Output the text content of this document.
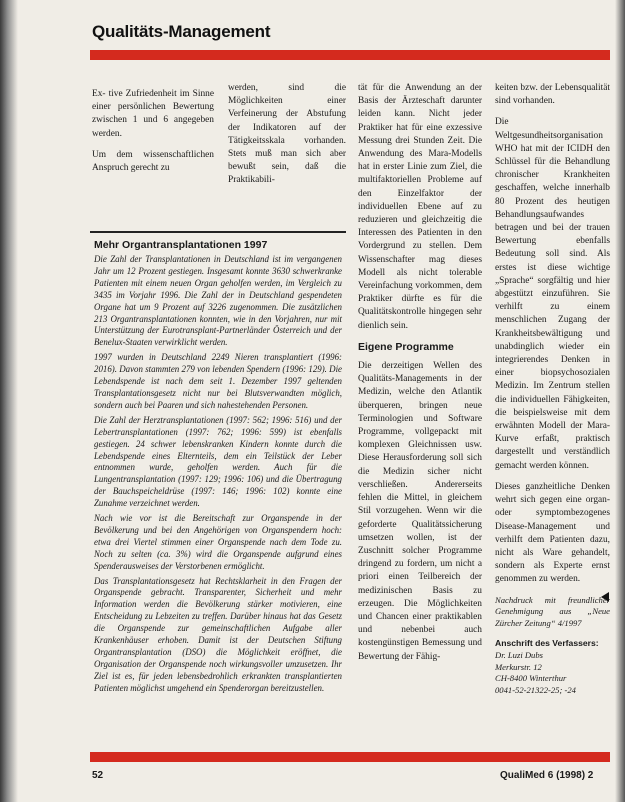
Qualitäts-Management

Ex- tive Zufriedenheit im Sinne einer persönlichen Bewertung zwischen 1 und 6 angegeben werden.

Um dem wissenschaftlichen Anspruch gerecht zu

werden, sind die Möglichkeiten einer Verfeinerung der Abstufung der Indikatoren auf der Tätigkeitsskala vorhanden. Stets muß man sich aber bewußt sein, daß die Praktikabili-

Mehr Organtransplantationen 1997

Die Zahl der Transplantationen in Deutschland ist im vergangenen Jahr um 12 Prozent gestiegen. Insgesamt konnte 3630 schwerkranke Patienten mit einem neuen Organ geholfen werden, im Vergleich zu 3435 im Vorjahr 1996. Die Zahl der in Deutschland gespendeten Organe hat um 9 Prozent auf 3226 zugenommen. Die zusätzlichen 213 Organtransplantationen konnten, wie in den Vorjahren, nur mit Unterstützung der Eurotransplant-Partnerländer Österreich und der Benelux-Staaten verwirklicht werden.

1997 wurden in Deutschland 2249 Nieren transplantiert (1996: 2016). Davon stammten 279 von lebenden Spendern (1996: 129). Die Lebendspende ist nach dem seit 1. Dezember 1997 geltenden Transplantationsgesetz nicht nur bei Blutsverwandten möglich, sondern auch bei Paaren und sich nahestehenden Personen.

Die Zahl der Herztransplantationen (1997: 562; 1996: 516) und der Lebertransplantationen (1997: 762; 1996: 599) ist ebenfalls gestiegen. 24 schwer lebenskranken Kindern konnte durch die Lebendspende eines Elternteils, dem ein Teilstück der Leber entnommen wurde, geholfen werden. Auch für die Lungentransplantation (1997: 129; 1996: 106) und die Übertragung der Bauchspeicheldrüse (1997: 146; 1996: 102) konnte eine Zunahme verzeichnet werden.

Nach wie vor ist die Bereitschaft zur Organspende in der Bevölkerung und bei den Angehörigen von Organspendern hoch: etwa drei Viertel stimmen einer Organspende nach dem Tode zu. Noch zu selten (ca. 3%) wird die Organspende aufgrund eines Spenderausweises der Verstorbenen ermöglicht.

Das Transplantationsgesetz hat Rechtsklarheit in den Fragen der Organspende gebracht. Transparenter, Sicherheit und mehr Information werden die Bevölkerung stärker motivieren, eine Entscheidung zu Lebzeiten zu treffen. Darüber hinaus hat das Gesetz die Organspende zur gemeinschaftlichen Aufgabe aller Krankenhäuser erhoben. Damit ist der Deutschen Stiftung Organtransplantation (DSO) die Möglichkeit eröffnet, die Organisation der Organspende noch wirkungsvoller umzusetzen. Ihr Ziel ist es, für jeden lebensbedrohlich erkrankten transplantierten Patienten möglichst umgehend ein Spenderorgan bereitzustellen.

tät für die Anwendung an der Basis der Ärzteschaft darunter leiden kann. Nicht jeder Praktiker hat für eine exzessive Messung drei Stunden Zeit. Die Anwendung des Mara-Modells hat in erster Linie zum Ziel, die multifaktoriellen Probleme auf den Einzelfaktor der individuellen Ebene auf zu reduzieren und gleichzeitig die Interessen des Patienten in den Vordergrund zu stellen. Dem Wissenschafter mag dieses Modell als nicht tolerable Vereinfachung vorkommen, dem Praktiker dürfte es für die Qualitätskontrolle hingegen sehr dienlich sein.

Eigene Programme

Die derzeitigen Wellen des Qualitäts-Managements in der Medizin, welche den Atlantik überqueren, bringen neue Terminologien und Software Programme, vollgepackt mit komplexen Gleichnissen usw. Diese Herausforderung soll sich die Medizin sicher nicht verschließen. Andererseits fehlen die Mittel, in gleichem Stil vorzugehen. Wenn wir die geforderte Qualitätssicherung umsetzen wollen, ist der Zuschnitt solcher Programme dringend zu fordern, um nicht a priori einen Teilbereich der medizinischen Basis zu erzeugen. Die Möglichkeiten und Chancen einer praktikablen und nebenbei auch kostengünstigen Bemessung und Bewertung der Fähig-

keiten bzw. der Lebensqualität sind vorhanden.

Die Weltgesundheitsorganisation WHO hat mit der ICIDH den Schlüssel für die Behandlung chronischer Krankheiten geschaffen, welche innerhalb 80 Prozent des heutigen Behandlungsaufwandes betragen und bei der trauen Bewertung ebenfalls Bedeutung soll sind. Als erstes ist diese wichtige „Sprache“ sorgfältig und hier abgestützt einzuführen. Sie verhilft zu einem menschlichen Zugang der Krankheitsbewältigung und unabdinglich wieder ein integrierendes Denken in einer biopsychosozialen Medizin. Im Zentrum stellen die individuellen Fähigkeiten, die beispielsweise mit dem erwähnten Modell der Mara-Kurve erfaßt, praktisch dargestellt und verständlich gemacht werden können.

Dieses ganzheitliche Denken wehrt sich gegen eine organ- oder symptombezogenes Disease-Management und verhilft dem Patienten dazu, nicht als Ware gehandelt, sondern als Experte ernst genommen zu werden.

Nachdruck mit freundlicher Genehmigung aus „Neue Zürcher Zeitung“ 4/1997

Anschrift des Verfassers:
Dr. Luzi Dubs
Merkurstr. 12
CH-8400 Winterthur
0041-52-21322-25; -24
52	QualiMed 6 (1998) 2
